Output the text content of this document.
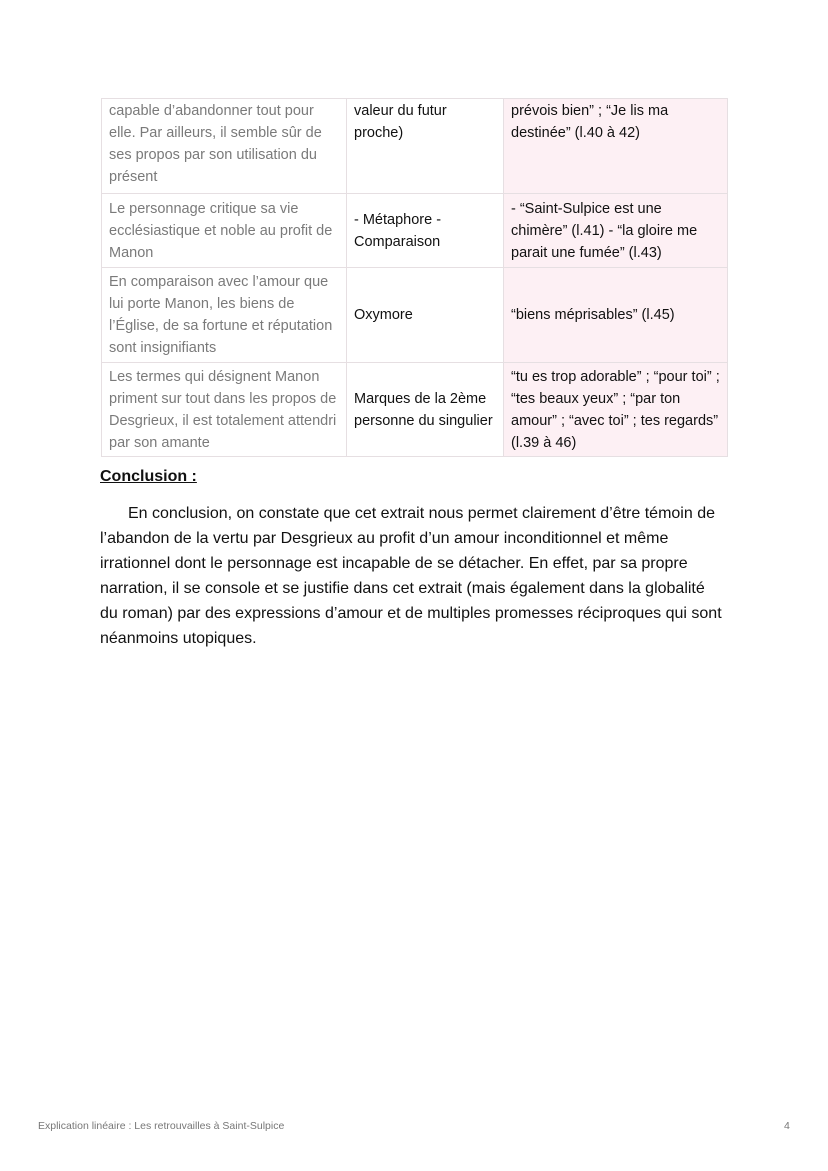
capable d’abandonner tout pour elle. Par ailleurs, il semble sûr de ses propos par son utilisation du présent	valeur du futur proche)	prévois bien” ; “Je lis ma destinée” (l.40 à 42)
Le personnage critique sa vie ecclésiastique et noble au profit de Manon	- Métaphore - Comparaison	- “Saint-Sulpice est une chimère” (l.41) - “la gloire me parait une fumée” (l.43)
En comparaison avec l’amour que lui porte Manon, les biens de l’Église, de sa fortune et réputation sont insignifiants	Oxymore	“biens méprisables” (l.45)
Les termes qui désignent Manon priment sur tout dans les propos de Desgrieux, il est totalement attendri par son amante	Marques de la 2ème personne du singulier	“tu es trop adorable” ; “pour toi” ; “tes beaux yeux” ; “par ton amour” ; “avec toi” ; tes regards” (l.39 à 46)
Conclusion :

En conclusion, on constate que cet extrait nous permet clairement d’être témoin de l’abandon de la vertu par Desgrieux au profit d’un amour inconditionnel et même irrationnel dont le personnage est incapable de se détacher. En effet, par sa propre narration, il se console et se justifie dans cet extrait (mais également dans la globalité du roman) par des expressions d’amour et de multiples promesses réciproques qui sont néanmoins utopiques.

Explication linéaire : Les retrouvailles à Saint-Sulpice	4
